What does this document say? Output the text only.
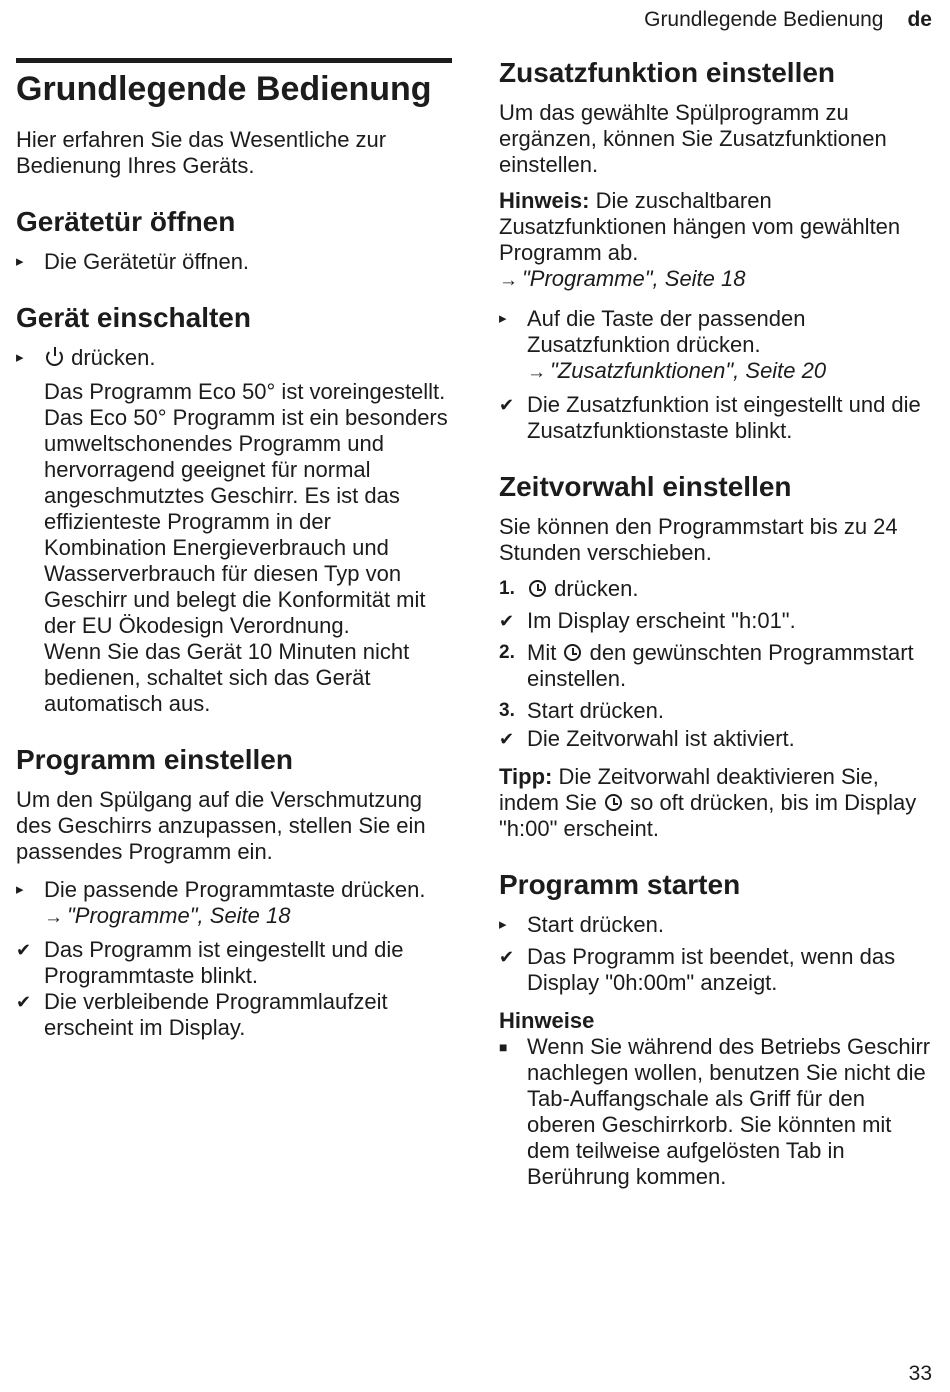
Grundlegende Bedienung de
Grundlegende Bedienung

Hier erfahren Sie das Wesentliche zur Bedienung Ihres Geräts.

Gerätetür öffnen
▸ Die Gerätetür öffnen.
Gerät einschalten
▸	drücken.
Das Programm Eco 50° ist voreingestellt.
Das Eco 50° Programm ist ein besonders umweltschonendes Programm und hervorragend geeignet für normal angeschmutztes Geschirr. Es ist das effizienteste Programm in der Kombination Energieverbrauch und Wasserverbrauch für diesen Typ von Geschirr und belegt die Konformität mit der EU Ökodesign Verordnung.
Wenn Sie das Gerät 10 Minuten nicht bedienen, schaltet sich das Gerät automatisch aus.
Programm einstellen

Um den Spülgang auf die Verschmutzung des Geschirrs anzupassen, stellen Sie ein passendes Programm ein.

▸ Die passende Programmtaste drücken.
→ "Programme", Seite 18
✔ Das Programm ist eingestellt und die Programmtaste blinkt.
✔ Die verbleibende Programmlaufzeit erscheint im Display.
Zusatzfunktion einstellen

Um das gewählte Spülprogramm zu ergänzen, können Sie Zusatzfunktionen einstellen.

Hinweis: Die zuschaltbaren Zusatzfunktionen hängen vom gewählten Programm ab.
→ "Programme", Seite 18

▸ Auf die Taste der passenden Zusatzfunktion drücken.
→ "Zusatzfunktionen", Seite 20
✔ Die Zusatzfunktion ist eingestellt und die Zusatzfunktionstaste blinkt.
Zeitvorwahl einstellen

Sie können den Programmstart bis zu 24 Stunden verschieben.

1. drücken.
✔ Im Display erscheint "h:01".
2. Mit den gewünschten Programmstart einstellen.
3. Start drücken.
✔ Die Zeitvorwahl ist aktiviert.

Tipp: Die Zeitvorwahl deaktivieren Sie, indem Sie so oft drücken, bis im Display "h:00" erscheint.

Programm starten
▸ Start drücken.
✔ Das Programm ist beendet, wenn das Display "0h:00m" anzeigt.
Hinweise
■ Wenn Sie während des Betriebs Geschirr nachlegen wollen, benutzen Sie nicht die Tab-Auffangschale als Griff für den oberen Geschirrkorb. Sie könnten mit dem teilweise aufgelösten Tab in Berührung kommen.
33
